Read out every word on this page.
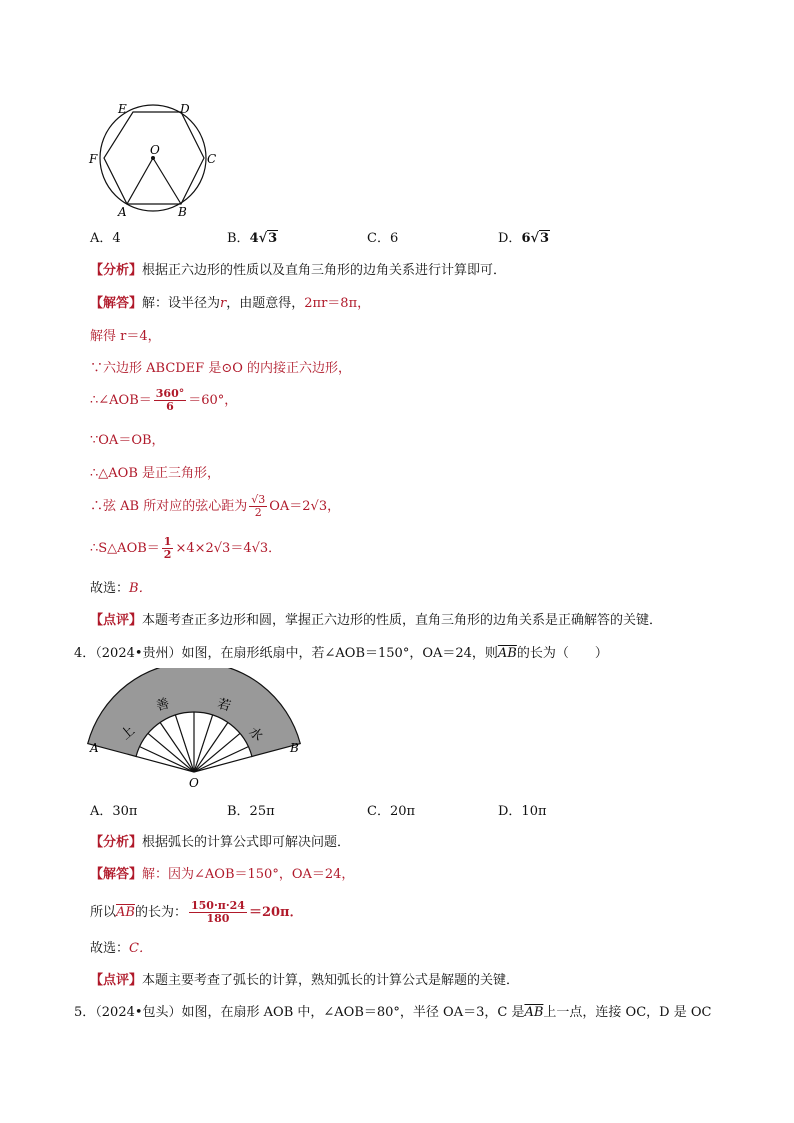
E	D
F
O
C
A	B
A．4	B．4√3	C．6	D．6√3
【分析】根据正六边形的性质以及直角三角形的边角关系进行计算即可．
【解答】解：设半径为r，由题意得，2πr＝8π，
解得 r＝4，
∵六边形 ABCDEF 是⊙O 的内接正六边形，
∴∠AOB＝ $\frac{360^\circ}{6} =60^\circ$，
∵OA＝OB，
∴△AOB 是正三角形，
∴弦 AB 所对应的弦心距为 $\frac{√3}{2} OA=2√3$，
∴S△AOB＝ $\frac{1}{2} \times 4\times 2√3=4√3$．
故选：B．
【点评】本题考查正多边形和圆，掌握正六边形的性质，直角三角形的边角关系是正确解答的关键．
4．（2024•贵州）如图，在扇形纸扇中，若∠AOB＝150°，OA＝24，则$\overline{AB}$的长为（　　）
上
善	若
水
A
O
B
A．30π	B．25π	C．20π	D．10π
【分析】根据弧长的计算公式即可解决问题．
【解答】解：因为∠AOB＝150°，OA＝24，
所以$\overline{AB}$的长为： $\frac{150\cdot\pi\cdot 24}{180} =20\pi$．
故选：C．
【点评】本题主要考查了弧长的计算，熟知弧长的计算公式是解题的关键．
5．（2024•包头）如图，在扇形 AOB 中，∠AOB＝80°，半径 OA＝3，C 是$\overline{AB}$上一点，连接 OC，D 是 OC
